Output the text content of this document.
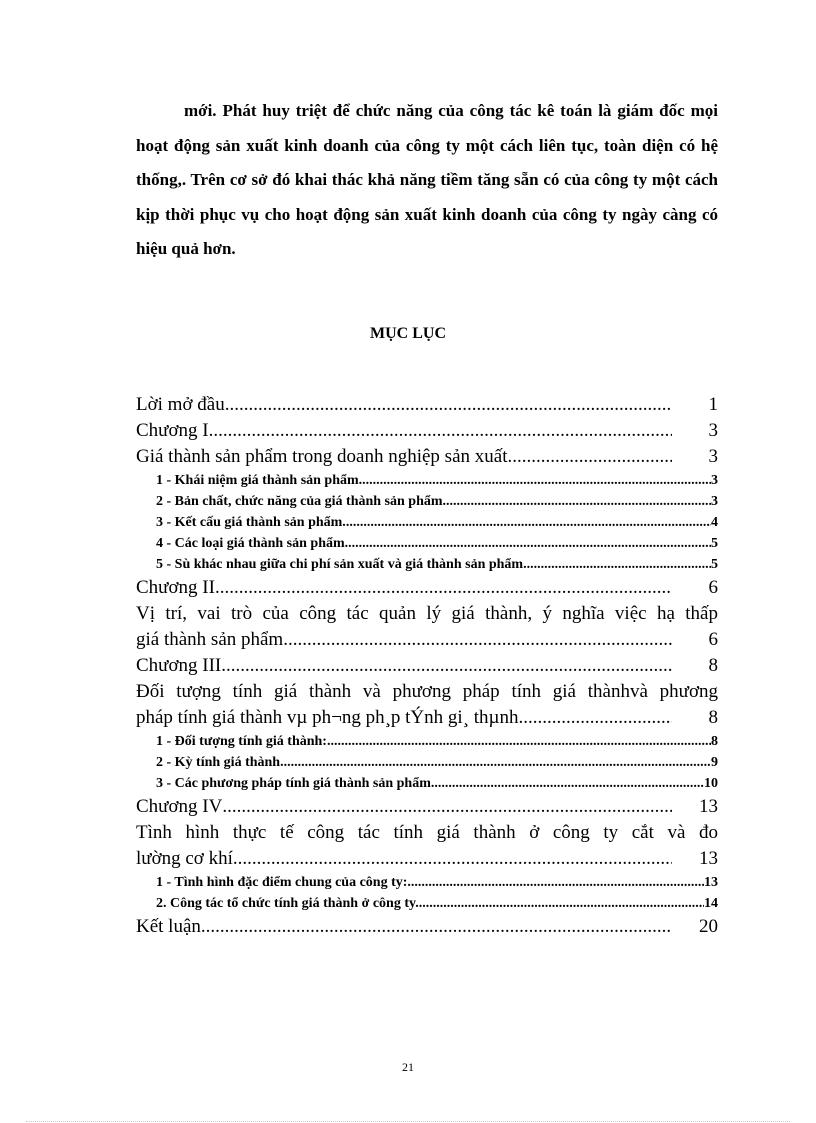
mới. Phát huy triệt để chức năng của công tác kê toán là giám đốc mọi hoạt động sản xuất kinh doanh của công ty một cách liên tục, toàn diện có hệ thống,. Trên cơ sở đó khai thác khả năng tiềm tăng sẵn có của công ty một cách kịp thời phục vụ cho hoạt động sản xuất kinh doanh của công ty ngày càng có hiệu quả hơn.

MỤC LỤC
Lời mở đầu .....	1
Chương I .....	3
Giá thành sản phẩm trong doanh nghiệp sản xuất. .....	3
1 - Khái niệm giá thành sản phẩm .....	3
2 - Bản chất, chức năng của giá thành sản phẩm. .....	3
3 - Kết cấu giá thành sản phẩm. .....	4
4 - Các loại giá thành sản phẩm. .....	5
5 - Sù khác nhau giữa chi phí sản xuất và giá thành sản phẩm. .....	5
Chương II .....	6
Vị trí, vai trò của công tác quản lý giá thành, ý nghĩa việc hạ thấp
giá thành sản phẩm. .....	6
Chương III .....	8
Đối tượng tính giá thành và phương pháp tính giá thànhvà phương
pháp tính giá thành vµ ph¬ng ph¸p tÝnh gi¸ thµnh .....	8
1 - Đối tượng tính giá thành: .....	8
2 - Kỳ tính giá thành .....	9
3 - Các phương pháp tính giá thành sản phẩm. .....	10
Chương IV .....	13
Tình hình thực tế công tác tính giá thành ở công ty cắt và đo
lường cơ khí .....	13
1 - Tình hình đặc điểm chung của công ty: .....	13
2. Công tác tổ chức tính giá thành ở công ty. .....	14
Kết luận .....	20
21
